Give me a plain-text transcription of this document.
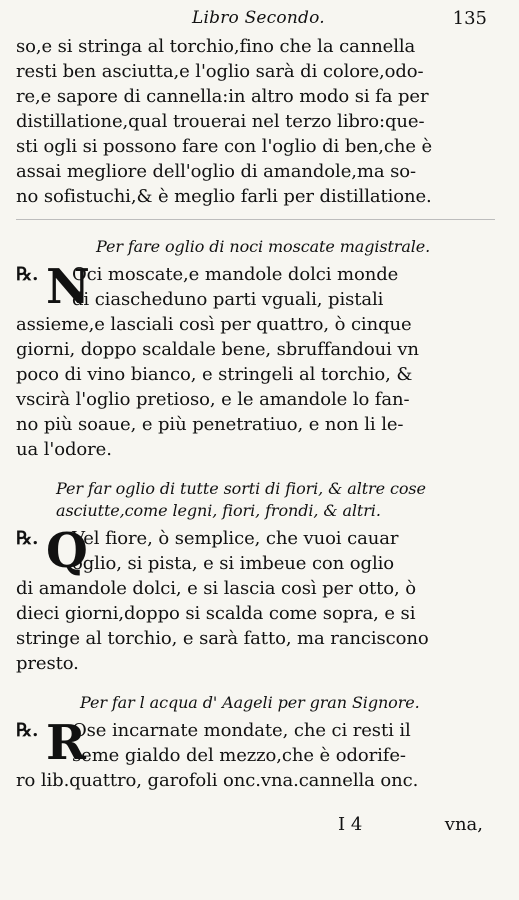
Libro Secondo.	135

so,e si stringa al torchio,fino che la cannella

resti ben asciutta,e l'oglio sarà di colore,odo-

re,e sapore di cannella:in altro modo si fa per

distillatione,qual trouerai nel terzo libro:que-

sti ogli si possono fare con l'oglio di ben,che è

assai megliore dell'oglio di amandole,ma so-

no sofistuchi,& è meglio farli per distillatione.

Per fare oglio di noci moscate magistrale.

℞. N

Oci moscate,e mandole dolci monde

di ciascheduno parti vguali, pistali

assieme,e lasciali così per quattro, ò cinque

giorni, doppo scaldale bene, sbruffandoui vn

poco di vino bianco, e stringeli al torchio, &

vscirà l'oglio pretioso, e le amandole lo fan-

no più soaue, e più penetratiuo, e non li le-

ua l'odore.

Per far oglio di tutte sorti di fiori, & altre cose

asciutte,come legni, fiori, frondi, & altri.

℞. Q

Vel fiore, ò semplice, che vuoi cauar

oglio, si pista, e si imbeue con oglio

di amandole dolci, e si lascia così per otto, ò

dieci giorni,doppo si scalda come sopra, e si

stringe al torchio, e sarà fatto, ma rancisconо

presto.

Per far l acqua d' Aageli per gran Signore.

℞. R

Ose incarnate mondate, che ci resti il

seme gialdo del mezzo,che è odorifе-

ro lib.quattro, garofoli onc.vna.cannella onc.

I 4	vna,
